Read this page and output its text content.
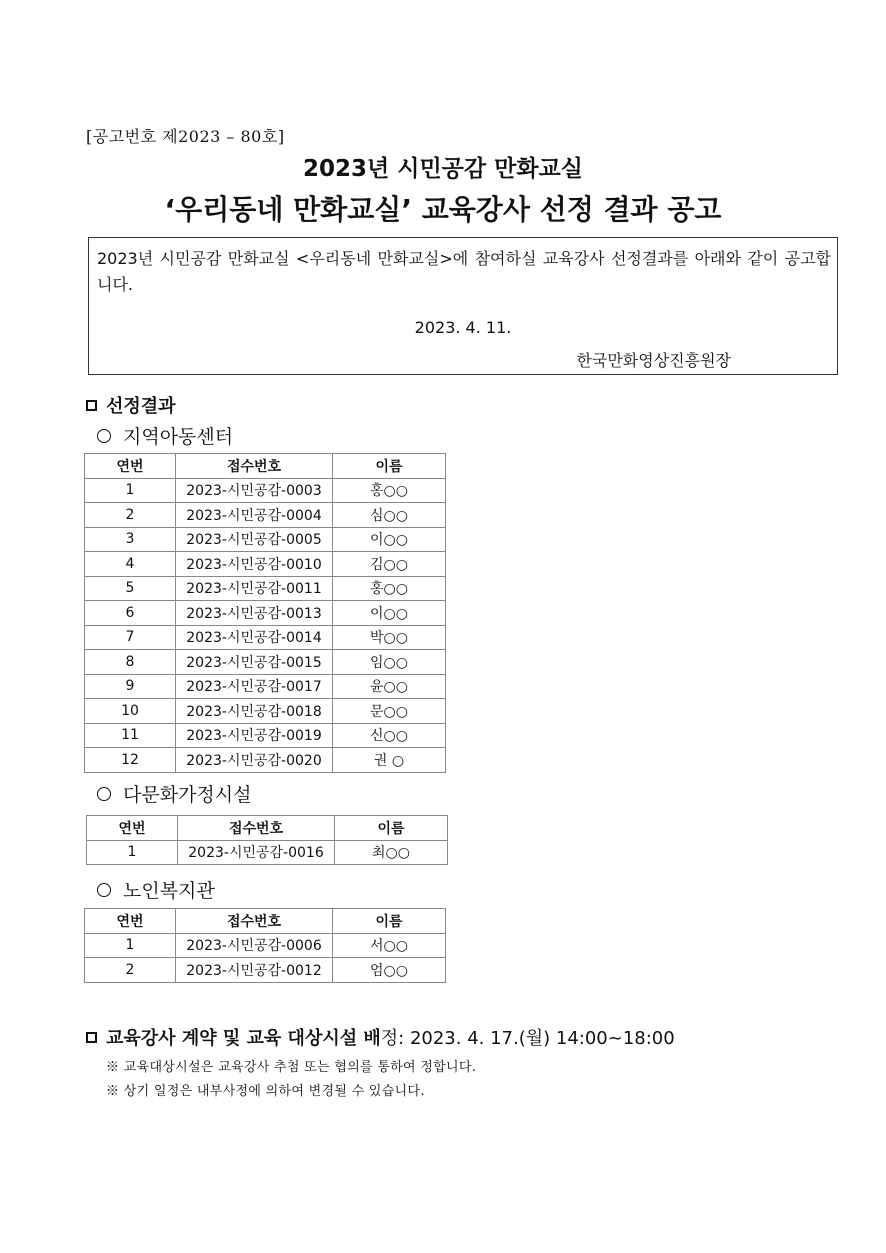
[공고번호 제2023 – 80호]
2023년 시민공감 만화교실
‘우리동네 만화교실’ 교육강사 선정 결과 공고
2023년 시민공감 만화교실 <우리동네 만화교실>에 참여하실 교육강사 선정결과를 아래와 같이 공고합니다.
2023. 4. 11.
한국만화영상진흥원장
선정결과
지역아동센터
연번	접수번호	이름
1	2023-시민공감-0003	홍○○
2	2023-시민공감-0004	심○○
3	2023-시민공감-0005	이○○
4	2023-시민공감-0010	김○○
5	2023-시민공감-0011	홍○○
6	2023-시민공감-0013	이○○
7	2023-시민공감-0014	박○○
8	2023-시민공감-0015	임○○
9	2023-시민공감-0017	윤○○
10	2023-시민공감-0018	문○○
11	2023-시민공감-0019	신○○
12	2023-시민공감-0020	권 ○
다문화가정시설
연번	접수번호	이름
1	2023-시민공감-0016	최○○
노인복지관
연번	접수번호	이름
1	2023-시민공감-0006	서○○
2	2023-시민공감-0012	엄○○
교육강사 계약 및 교육 대상시설 배정: 2023. 4. 17.(월) 14:00~18:00
※ 교육대상시설은 교육강사 추첨 또는 협의를 통하여 정합니다.
※ 상기 일정은 내부사정에 의하여 변경될 수 있습니다.
